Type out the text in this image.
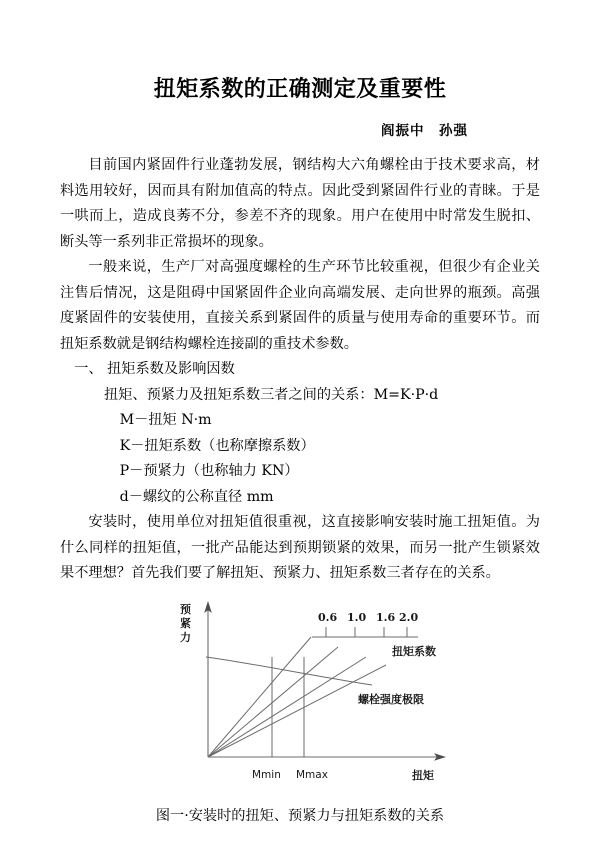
扭矩系数的正确测定及重要性
阎振中　孙强

目前国内紧固件行业蓬勃发展，钢结构大六角螺栓由于技术要求高，材料选用较好，因而具有附加值高的特点。因此受到紧固件行业的青睐。于是一哄而上，造成良莠不分，参差不齐的现象。用户在使用中时常发生脱扣、断头等一系列非正常损坏的现象。

一般来说，生产厂对高强度螺栓的生产环节比较重视，但很少有企业关注售后情况，这是阻碍中国紧固件企业向高端发展、走向世界的瓶颈。高强度紧固件的安装使用，直接关系到紧固件的质量与使用寿命的重要环节。而扭矩系数就是钢结构螺栓连接副的重技术参数。

一、 扭矩系数及影响因数

扭矩、预紧力及扭矩系数三者之间的关系：M=K·P·d

M－扭矩 N·m

K－扭矩系数（也称摩擦系数）

P－预紧力（也称轴力 KN）

d－螺纹的公称直径 mm

安装时，使用单位对扭矩值很重视，这直接影响安装时施工扭矩值。为什么同样的扭矩值，一批产品能达到预期锁紧的效果，而另一批产生锁紧效果不理想？首先我们要了解扭矩、预紧力、扭矩系数三者存在的关系。

预
紧
力
0.6 1.0 1.6 2.0
扭矩系数
螺栓强度极限
Mmin Mmax	扭矩

图一·安装时的扭矩、预紧力与扭矩系数的关系
